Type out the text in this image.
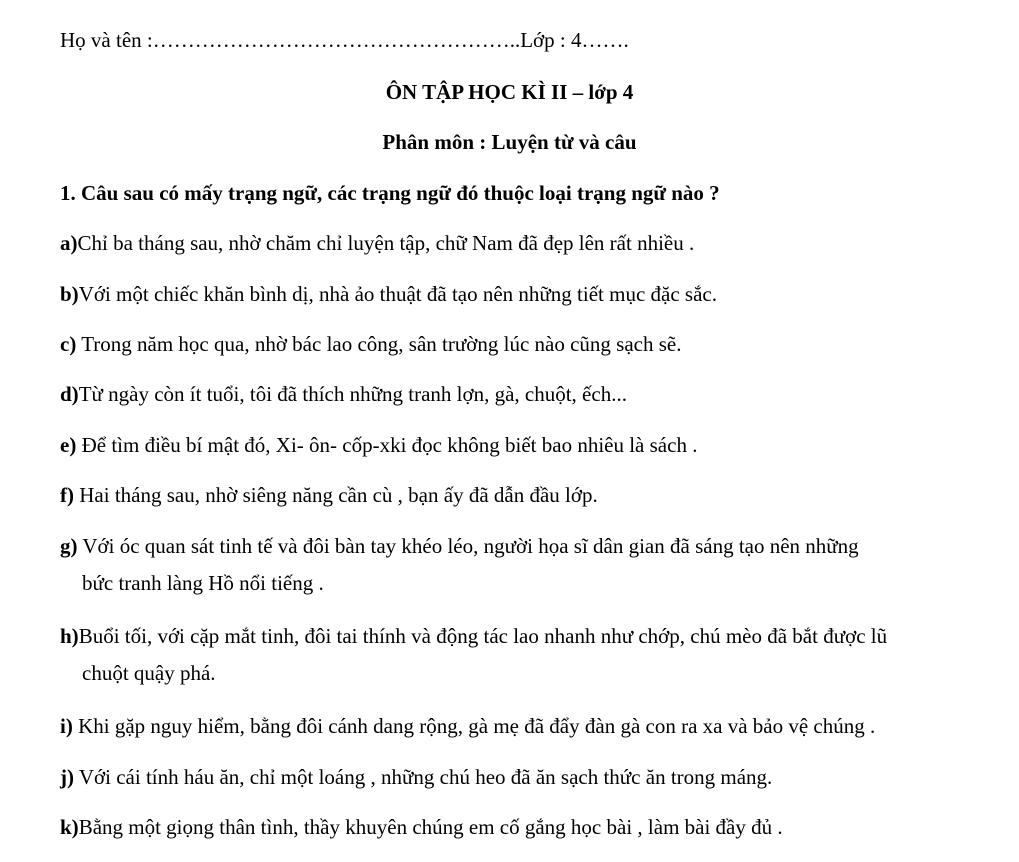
Họ và tên :……………………………………………..Lớp : 4…….
ÔN TẬP HỌC KÌ II – lớp 4
Phân môn : Luyện từ và câu
1. Câu sau có mấy trạng ngữ, các trạng ngữ đó thuộc loại trạng ngữ nào ?
a)Chỉ ba tháng sau, nhờ chăm chỉ luyện tập, chữ Nam đã đẹp lên rất nhiều .
b)Với một chiếc khăn bình dị, nhà ảo thuật đã tạo nên những tiết mục đặc sắc.
c) Trong năm học qua, nhờ bác lao công, sân trường lúc nào cũng sạch sẽ.
d)Từ ngày còn ít tuổi, tôi đã thích những tranh lợn, gà, chuột, ếch...
e) Để tìm điều bí mật đó, Xi- ôn- cốp-xki đọc không biết bao nhiêu là sách .
f) Hai tháng sau, nhờ siêng năng cần cù , bạn ấy đã dẫn đầu lớp.
g) Với óc quan sát tinh tế và đôi bàn tay khéo léo, người họa sĩ dân gian đã sáng tạo nên những
bức tranh làng Hồ nổi tiếng .
h)Buổi tối, với cặp mắt tinh, đôi tai thính và động tác lao nhanh như chớp, chú mèo đã bắt được lũ
chuột quậy phá.
i) Khi gặp nguy hiểm, bằng đôi cánh dang rộng, gà mẹ đã đẩy đàn gà con ra xa và bảo vệ chúng .
j) Với cái tính háu ăn, chỉ một loáng , những chú heo đã ăn sạch thức ăn trong máng.
k)Bằng một giọng thân tình, thầy khuyên chúng em cố gắng học bài , làm bài đầy đủ .
